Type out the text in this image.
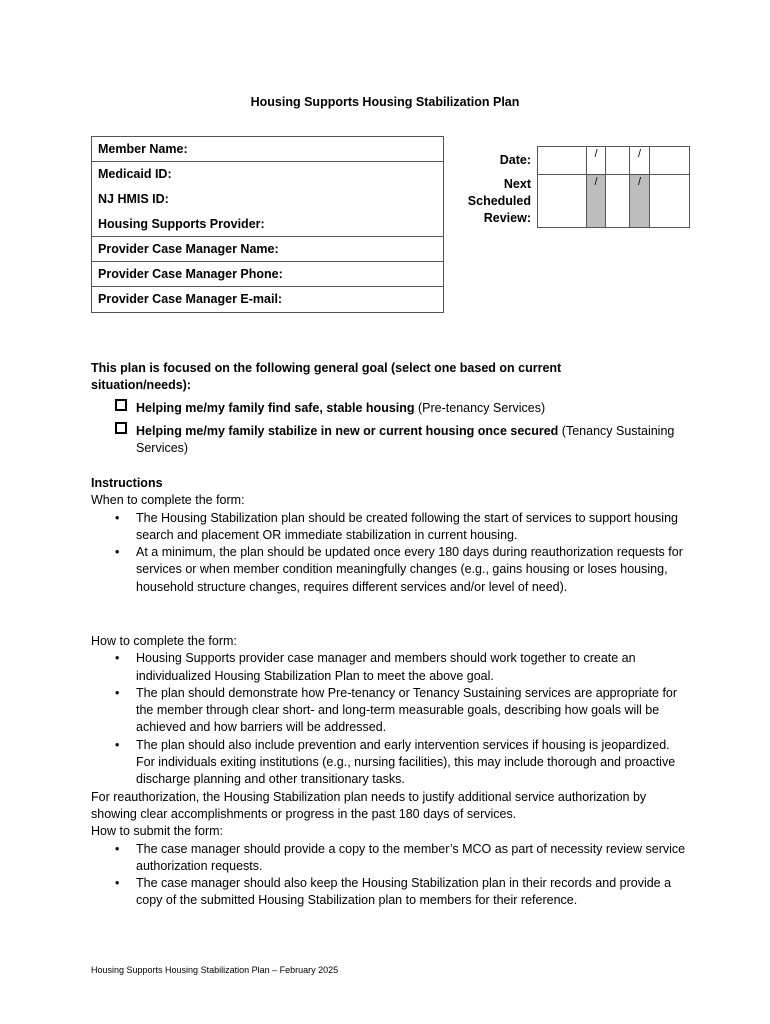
Housing Supports Housing Stabilization Plan
Member Name:
Medicaid ID:
NJ HMIS ID:
Housing Supports Provider:
Provider Case Manager Name:
Provider Case Manager Phone:
Provider Case Manager E-mail:
Date:
Next
Scheduled
Review:
/	/
/	/
This plan is focused on the following general goal (select one based on current situation/needs):
Helping me/my family find safe, stable housing (Pre-tenancy Services)
Helping me/my family stabilize in new or current housing once secured (Tenancy Sustaining Services)
Instructions
When to complete the form:
• The Housing Stabilization plan should be created following the start of services to support housing search and placement OR immediate stabilization in current housing.
• At a minimum, the plan should be updated once every 180 days during reauthorization requests for services or when member condition meaningfully changes (e.g., gains housing or loses housing, household structure changes, requires different services and/or level of need).
How to complete the form:
• Housing Supports provider case manager and members should work together to create an individualized Housing Stabilization Plan to meet the above goal.
• The plan should demonstrate how Pre-tenancy or Tenancy Sustaining services are appropriate for the member through clear short- and long-term measurable goals, describing how goals will be achieved and how barriers will be addressed.
• The plan should also include prevention and early intervention services if housing is jeopardized. For individuals exiting institutions (e.g., nursing facilities), this may include thorough and proactive discharge planning and other transitionary tasks.
For reauthorization, the Housing Stabilization plan needs to justify additional service authorization by showing clear accomplishments or progress in the past 180 days of services.
How to submit the form:
• The case manager should provide a copy to the member’s MCO as part of necessity review service authorization requests.
• The case manager should also keep the Housing Stabilization plan in their records and provide a copy of the submitted Housing Stabilization plan to members for their reference.
Housing Supports Housing Stabilization Plan – February 2025
